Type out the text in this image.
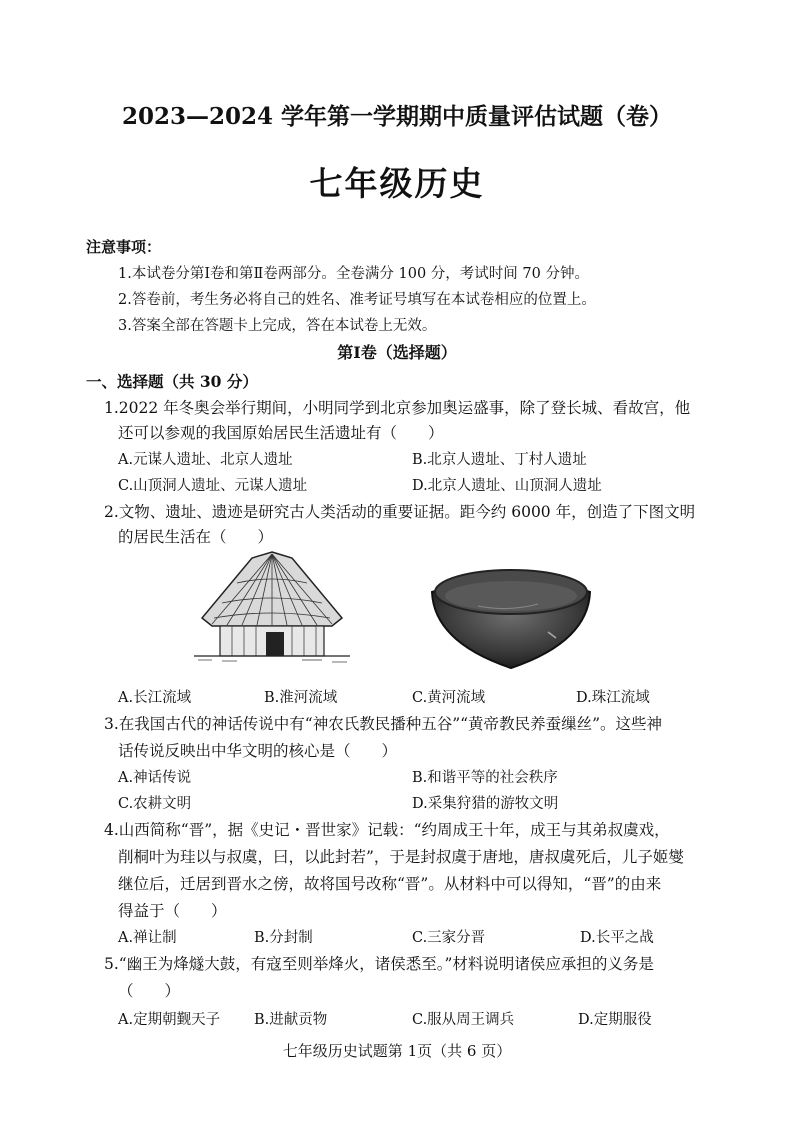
2023—2024 学年第一学期期中质量评估试题（卷）
七年级历史
注意事项：
1.本试卷分第Ⅰ卷和第Ⅱ卷两部分。全卷满分 100 分，考试时间 70 分钟。
2.答卷前，考生务必将自己的姓名、准考证号填写在本试卷相应的位置上。
3.答案全部在答题卡上完成，答在本试卷上无效。
第Ⅰ卷（选择题）
一、选择题（共 30 分）
1.2022 年冬奥会举行期间，小明同学到北京参加奥运盛事，除了登长城、看故宫，他
还可以参观的我国原始居民生活遗址有（　　）
A.元谋人遗址、北京人遗址	B.北京人遗址、丁村人遗址
C.山顶洞人遗址、元谋人遗址	D.北京人遗址、山顶洞人遗址
2.文物、遗址、遗迹是研究古人类活动的重要证据。距今约 6000 年，创造了下图文明
的居民生活在（　　）
A.长江流域	B.淮河流域	C.黄河流域	D.珠江流域
3.在我国古代的神话传说中有“神农氏教民播种五谷”“黄帝教民养蚕缫丝”。这些神
话传说反映出中华文明的核心是（　　）
A.神话传说	B.和谐平等的社会秩序
C.农耕文明	D.采集狩猎的游牧文明
4.山西简称“晋”，据《史记・晋世家》记载：“约周成王十年，成王与其弟叔虞戏，
削桐叶为珪以与叔虞，曰，以此封若”，于是封叔虞于唐地，唐叔虞死后，儿子姬燮
继位后，迁居到晋水之傍，故将国号改称“晋”。从材料中可以得知，“晋”的由来
得益于（　　）
A.禅让制	B.分封制	C.三家分晋	D.长平之战
5.“幽王为烽燧大鼓，有寇至则举烽火，诸侯悉至。”材料说明诸侯应承担的义务是
（　　）
A.定期朝觐天子 B.进献贡物	C.服从周王调兵	D.定期服役
七年级历史试题第 1页（共 6 页）
